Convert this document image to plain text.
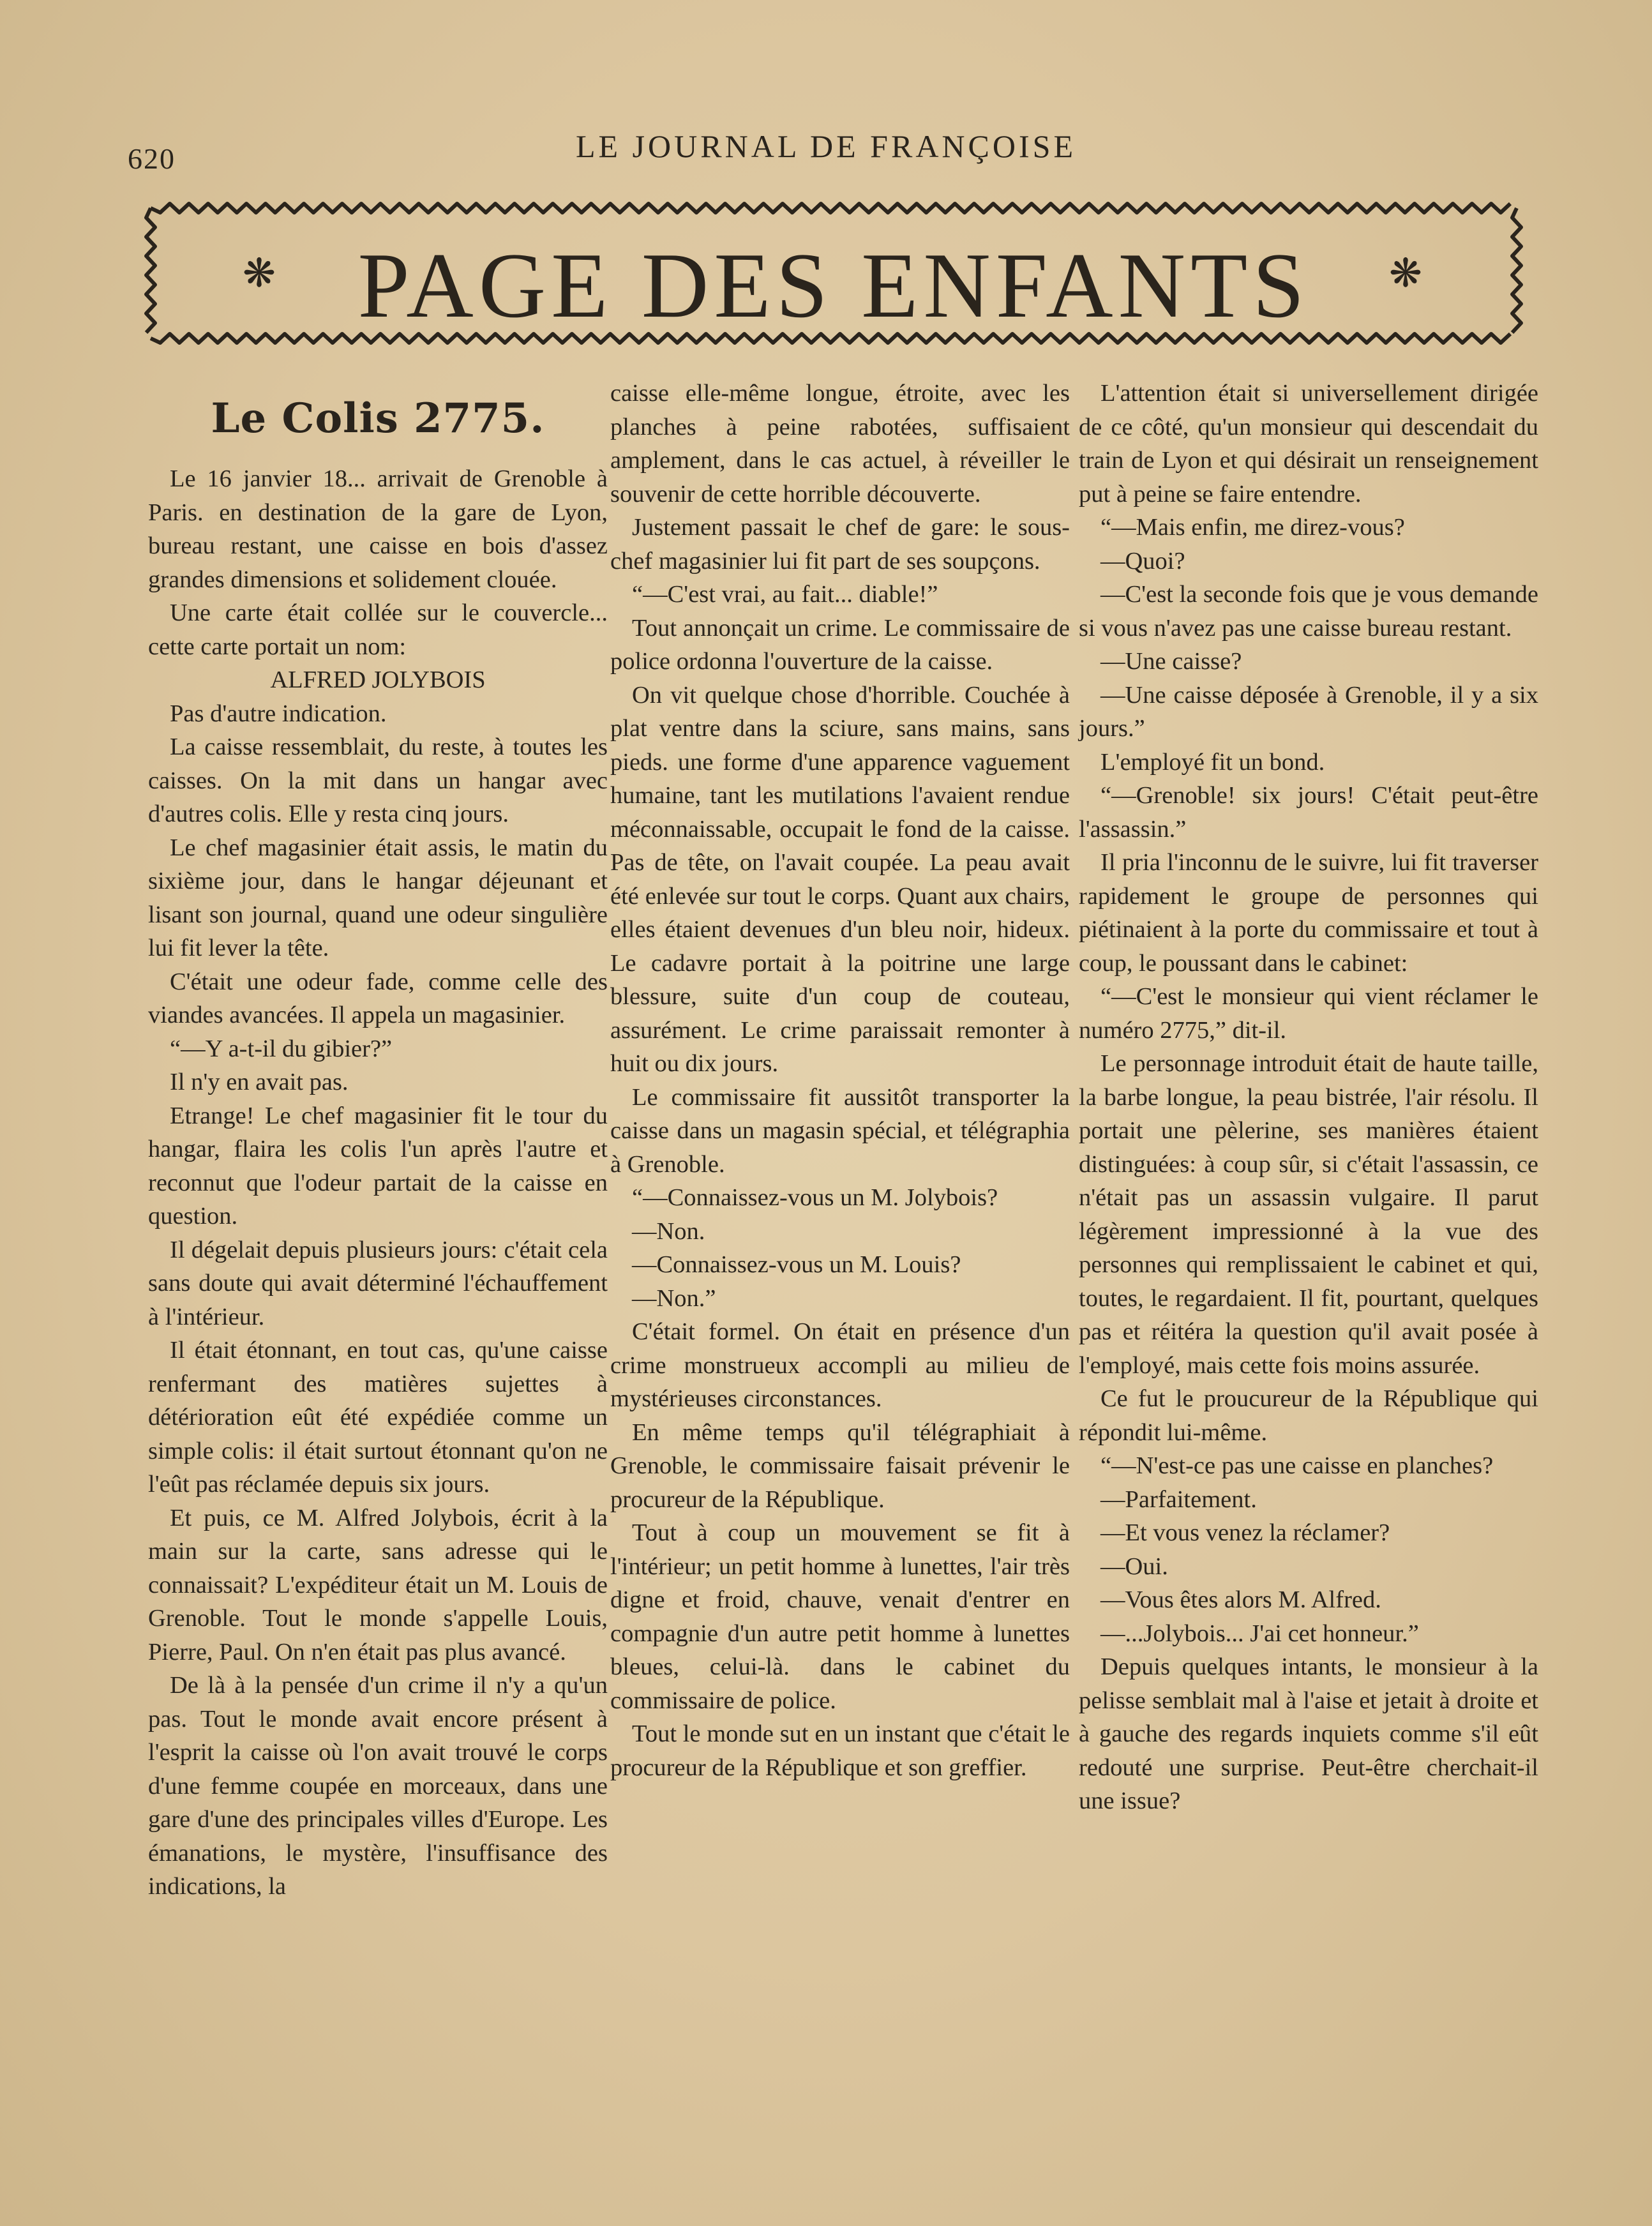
620	LE JOURNAL DE FRANÇOISE
❋ PAGE DES ENFANTS	❋
Le Colis 2775.

Le 16 janvier 18... arrivait de Grenoble à Paris. en destination de la gare de Lyon, bureau restant, une caisse en bois d'assez grandes dimensions et solidement clouée.

Une carte était collée sur le couvercle... cette carte portait un nom:

ALFRED JOLYBOIS

Pas d'autre indication.

La caisse ressemblait, du reste, à toutes les caisses. On la mit dans un hangar avec d'autres colis. Elle y resta cinq jours.

Le chef magasinier était assis, le matin du sixième jour, dans le hangar déjeunant et lisant son journal, quand une odeur singulière lui fit lever la tête.

C'était une odeur fade, comme celle des viandes avancées. Il appela un magasinier.

“—Y a-t-il du gibier?”

Il n'y en avait pas.

Etrange! Le chef magasinier fit le tour du hangar, flaira les colis l'un après l'autre et reconnut que l'odeur partait de la caisse en question.

Il dégelait depuis plusieurs jours: c'était cela sans doute qui avait déterminé l'échauffement à l'intérieur.

Il était étonnant, en tout cas, qu'une caisse renfermant des matières sujettes à détérioration eût été expédiée comme un simple colis: il était surtout étonnant qu'on ne l'eût pas réclamée depuis six jours.

Et puis, ce M. Alfred Jolybois, écrit à la main sur la carte, sans adresse qui le connaissait? L'expéditeur était un M. Louis de Grenoble. Tout le monde s'appelle Louis, Pierre, Paul. On n'en était pas plus avancé.

De là à la pensée d'un crime il n'y a qu'un pas. Tout le monde avait encore présent à l'esprit la caisse où l'on avait trouvé le corps d'une femme coupée en morceaux, dans une gare d'une des principales villes d'Europe. Les émanations, le mystère, l'insuffisance des indications, la

caisse elle-même longue, étroite, avec les planches à peine rabotées, suffisaient amplement, dans le cas actuel, à réveiller le souvenir de cette horrible découverte.

Justement passait le chef de gare: le sous-chef magasinier lui fit part de ses soupçons.

“—C'est vrai, au fait... diable!”

Tout annonçait un crime. Le commissaire de police ordonna l'ouverture de la caisse.

On vit quelque chose d'horrible. Couchée à plat ventre dans la sciure, sans mains, sans pieds. une forme d'une apparence vaguement humaine, tant les mutilations l'avaient rendue méconnaissable, occupait le fond de la caisse. Pas de tête, on l'avait coupée. La peau avait été enlevée sur tout le corps. Quant aux chairs, elles étaient devenues d'un bleu noir, hideux. Le cadavre portait à la poitrine une large blessure, suite d'un coup de couteau, assurément. Le crime paraissait remonter à huit ou dix jours.

Le commissaire fit aussitôt transporter la caisse dans un magasin spécial, et télégraphia à Grenoble.

“—Connaissez-vous un M. Jolybois?

—Non.

—Connaissez-vous un M. Louis?

—Non.”

C'était formel. On était en présence d'un crime monstrueux accompli au milieu de mystérieuses circonstances.

En même temps qu'il télégraphiait à Grenoble, le commissaire faisait prévenir le procureur de la République.

Tout à coup un mouvement se fit à l'intérieur; un petit homme à lunettes, l'air très digne et froid, chauve, venait d'entrer en compagnie d'un autre petit homme à lunettes bleues, celui-là. dans le cabinet du commissaire de police.

Tout le monde sut en un instant que c'était le procureur de la République et son greffier.

L'attention était si universellement dirigée de ce côté, qu'un monsieur qui descendait du train de Lyon et qui désirait un renseignement put à peine se faire entendre.

“—Mais enfin, me direz-vous?

—Quoi?

—C'est la seconde fois que je vous demande si vous n'avez pas une caisse bureau restant.

—Une caisse?

—Une caisse déposée à Grenoble, il y a six jours.”

L'employé fit un bond.

“—Grenoble! six jours! C'était peut-être l'assassin.”

Il pria l'inconnu de le suivre, lui fit traverser rapidement le groupe de personnes qui piétinaient à la porte du commissaire et tout à coup, le poussant dans le cabinet:

“—C'est le monsieur qui vient réclamer le numéro 2775,” dit-il.

Le personnage introduit était de haute taille, la barbe longue, la peau bistrée, l'air résolu. Il portait une pèlerine, ses manières étaient distinguées: à coup sûr, si c'était l'assassin, ce n'était pas un assassin vulgaire. Il parut légèrement impressionné à la vue des personnes qui remplissaient le cabinet et qui, toutes, le regardaient. Il fit, pourtant, quelques pas et réitéra la question qu'il avait posée à l'employé, mais cette fois moins assurée.

Ce fut le proucureur de la République qui répondit lui-même.

“—N'est-ce pas une caisse en planches?

—Parfaitement.

—Et vous venez la réclamer?

—Oui.

—Vous êtes alors M. Alfred.

—...Jolybois... J'ai cet honneur.”

Depuis quelques intants, le monsieur à la pelisse semblait mal à l'aise et jetait à droite et à gauche des regards inquiets comme s'il eût redouté une surprise. Peut-être cherchait-il une issue?
